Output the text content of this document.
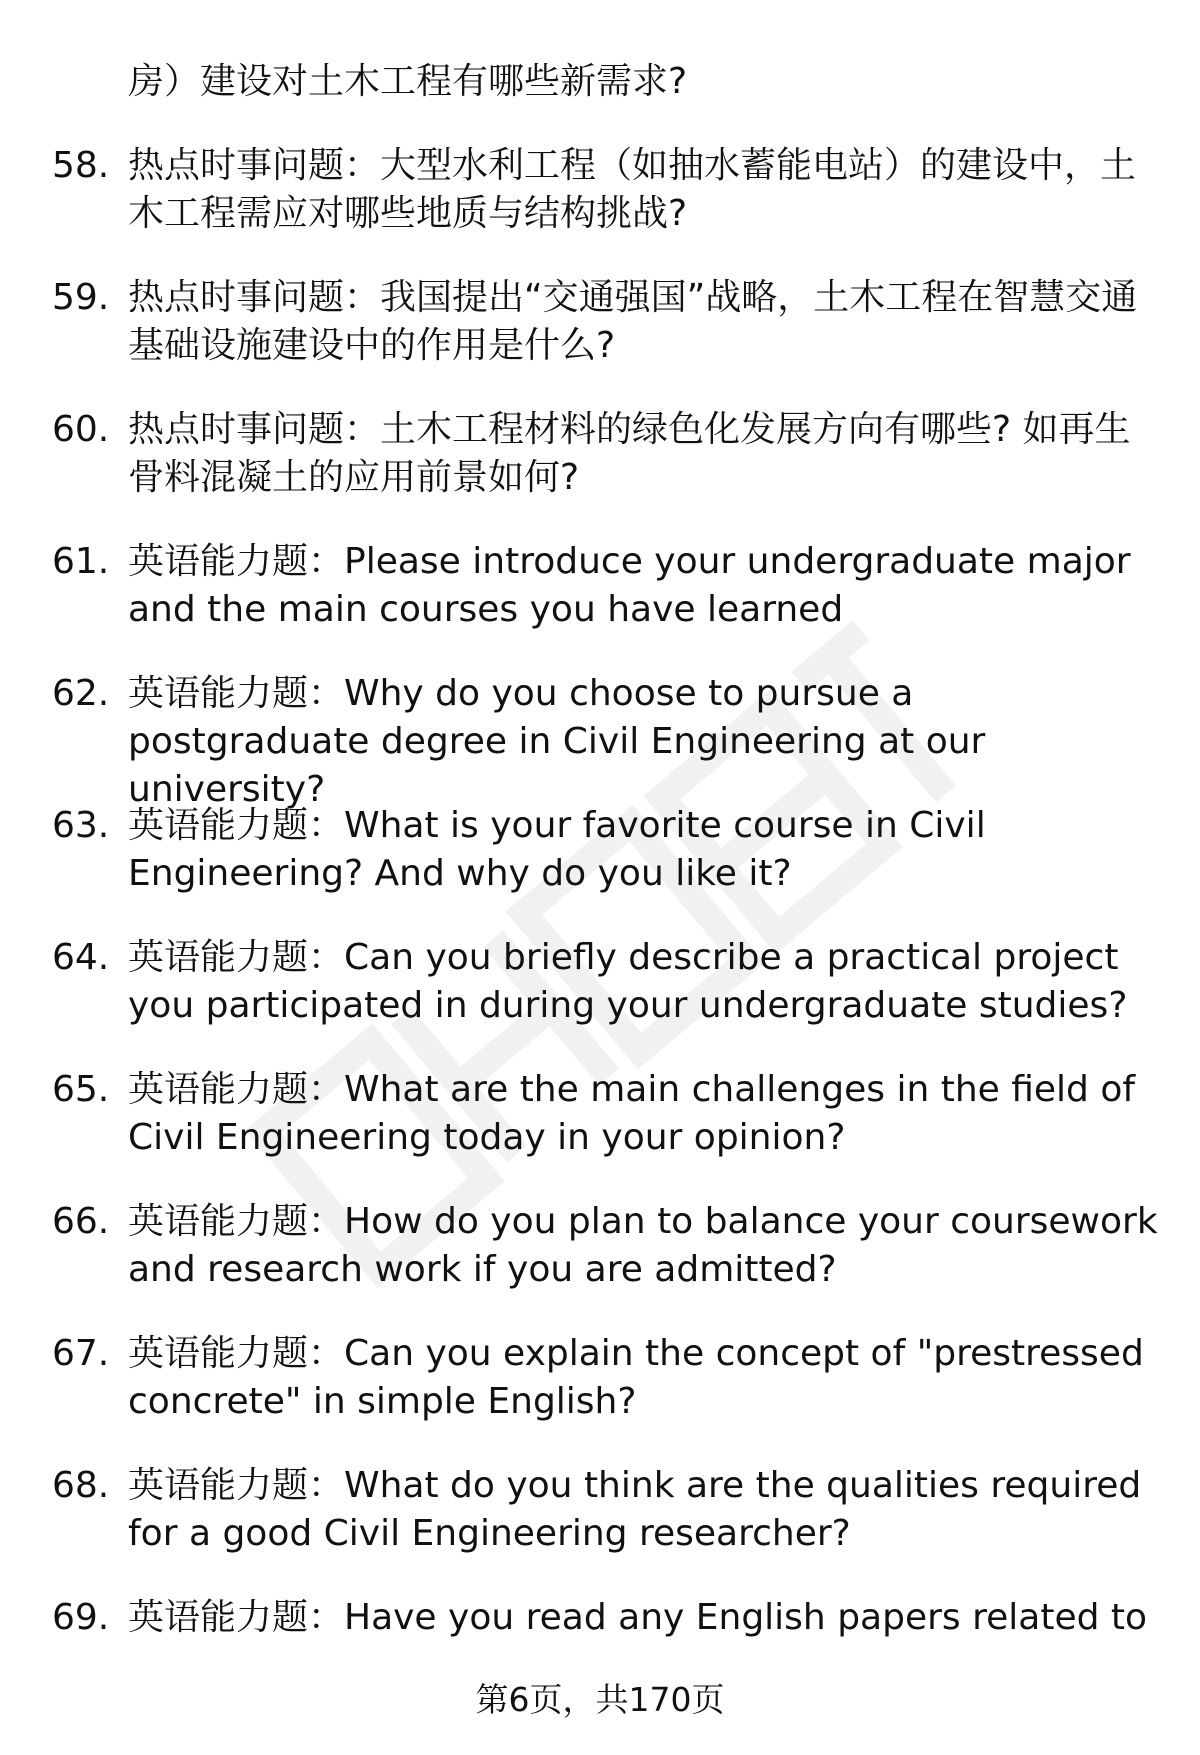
房）建设对土木工程有哪些新需求?
58. 热点时事问题：大型水利工程（如抽水蓄能电站）的建设中，土木工程需应对哪些地质与结构挑战?
59. 热点时事问题：我国提出“交通强国”战略，土木工程在智慧交通基础设施建设中的作用是什么?
60. 热点时事问题：土木工程材料的绿色化发展方向有哪些? 如再生骨料混凝土的应用前景如何?
61. 英语能力题：Please introduce your undergraduate major and the main courses you have learned
62. 英语能力题：Why do you choose to pursue a postgraduate degree in Civil Engineering at our university?
63. 英语能力题：What is your favorite course in Civil Engineering? And why do you like it?
64. 英语能力题：Can you briefly describe a practical project you participated in during your undergraduate studies?
65. 英语能力题：What are the main challenges in the field of Civil Engineering today in your opinion?
66. 英语能力题：How do you plan to balance your coursework and research work if you are admitted?
67. 英语能力题：Can you explain the concept of "prestressed concrete" in simple English?
68. 英语能力题：What do you think are the qualities required for a good Civil Engineering researcher?
69. 英语能力题：Have you read any English papers related to
第6页，共170页
